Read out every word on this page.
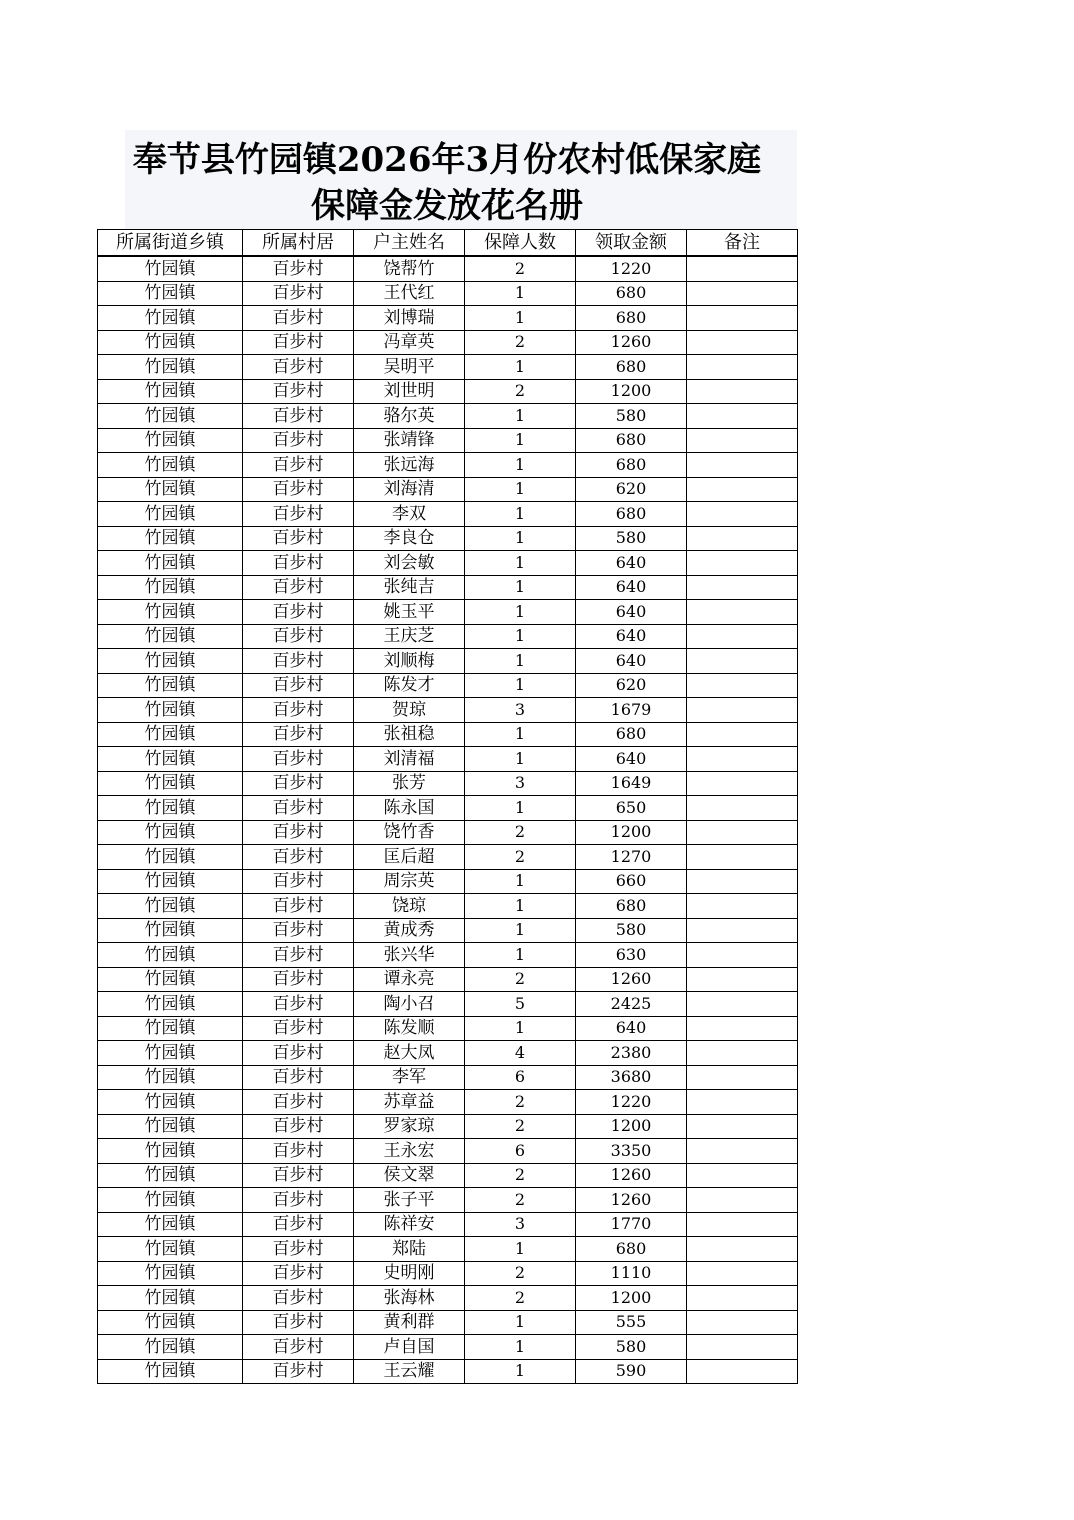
奉节县竹园镇2026年3月份农村低保家庭
保障金发放花名册
所属街道乡镇	所属村居	户主姓名	保障人数	领取金额	备注
竹园镇	百步村	饶帮竹	2	1220	
竹园镇	百步村	王代红	1	680	
竹园镇	百步村	刘博瑞	1	680	
竹园镇	百步村	冯章英	2	1260	
竹园镇	百步村	吴明平	1	680	
竹园镇	百步村	刘世明	2	1200	
竹园镇	百步村	骆尔英	1	580	
竹园镇	百步村	张靖锋	1	680	
竹园镇	百步村	张远海	1	680	
竹园镇	百步村	刘海清	1	620	
竹园镇	百步村	李双	1	680	
竹园镇	百步村	李良仓	1	580	
竹园镇	百步村	刘会敏	1	640	
竹园镇	百步村	张纯吉	1	640	
竹园镇	百步村	姚玉平	1	640	
竹园镇	百步村	王庆芝	1	640	
竹园镇	百步村	刘顺梅	1	640	
竹园镇	百步村	陈发才	1	620	
竹园镇	百步村	贺琼	3	1679	
竹园镇	百步村	张祖稳	1	680	
竹园镇	百步村	刘清福	1	640	
竹园镇	百步村	张芳	3	1649	
竹园镇	百步村	陈永国	1	650	
竹园镇	百步村	饶竹香	2	1200	
竹园镇	百步村	匡后超	2	1270	
竹园镇	百步村	周宗英	1	660	
竹园镇	百步村	饶琼	1	680	
竹园镇	百步村	黄成秀	1	580	
竹园镇	百步村	张兴华	1	630	
竹园镇	百步村	谭永亮	2	1260	
竹园镇	百步村	陶小召	5	2425	
竹园镇	百步村	陈发顺	1	640	
竹园镇	百步村	赵大凤	4	2380	
竹园镇	百步村	李军	6	3680	
竹园镇	百步村	苏章益	2	1220	
竹园镇	百步村	罗家琼	2	1200	
竹园镇	百步村	王永宏	6	3350	
竹园镇	百步村	侯文翠	2	1260	
竹园镇	百步村	张子平	2	1260	
竹园镇	百步村	陈祥安	3	1770	
竹园镇	百步村	郑陆	1	680	
竹园镇	百步村	史明刚	2	1110	
竹园镇	百步村	张海林	2	1200	
竹园镇	百步村	黄利群	1	555	
竹园镇	百步村	卢自国	1	580	
竹园镇	百步村	王云耀	1	590	
